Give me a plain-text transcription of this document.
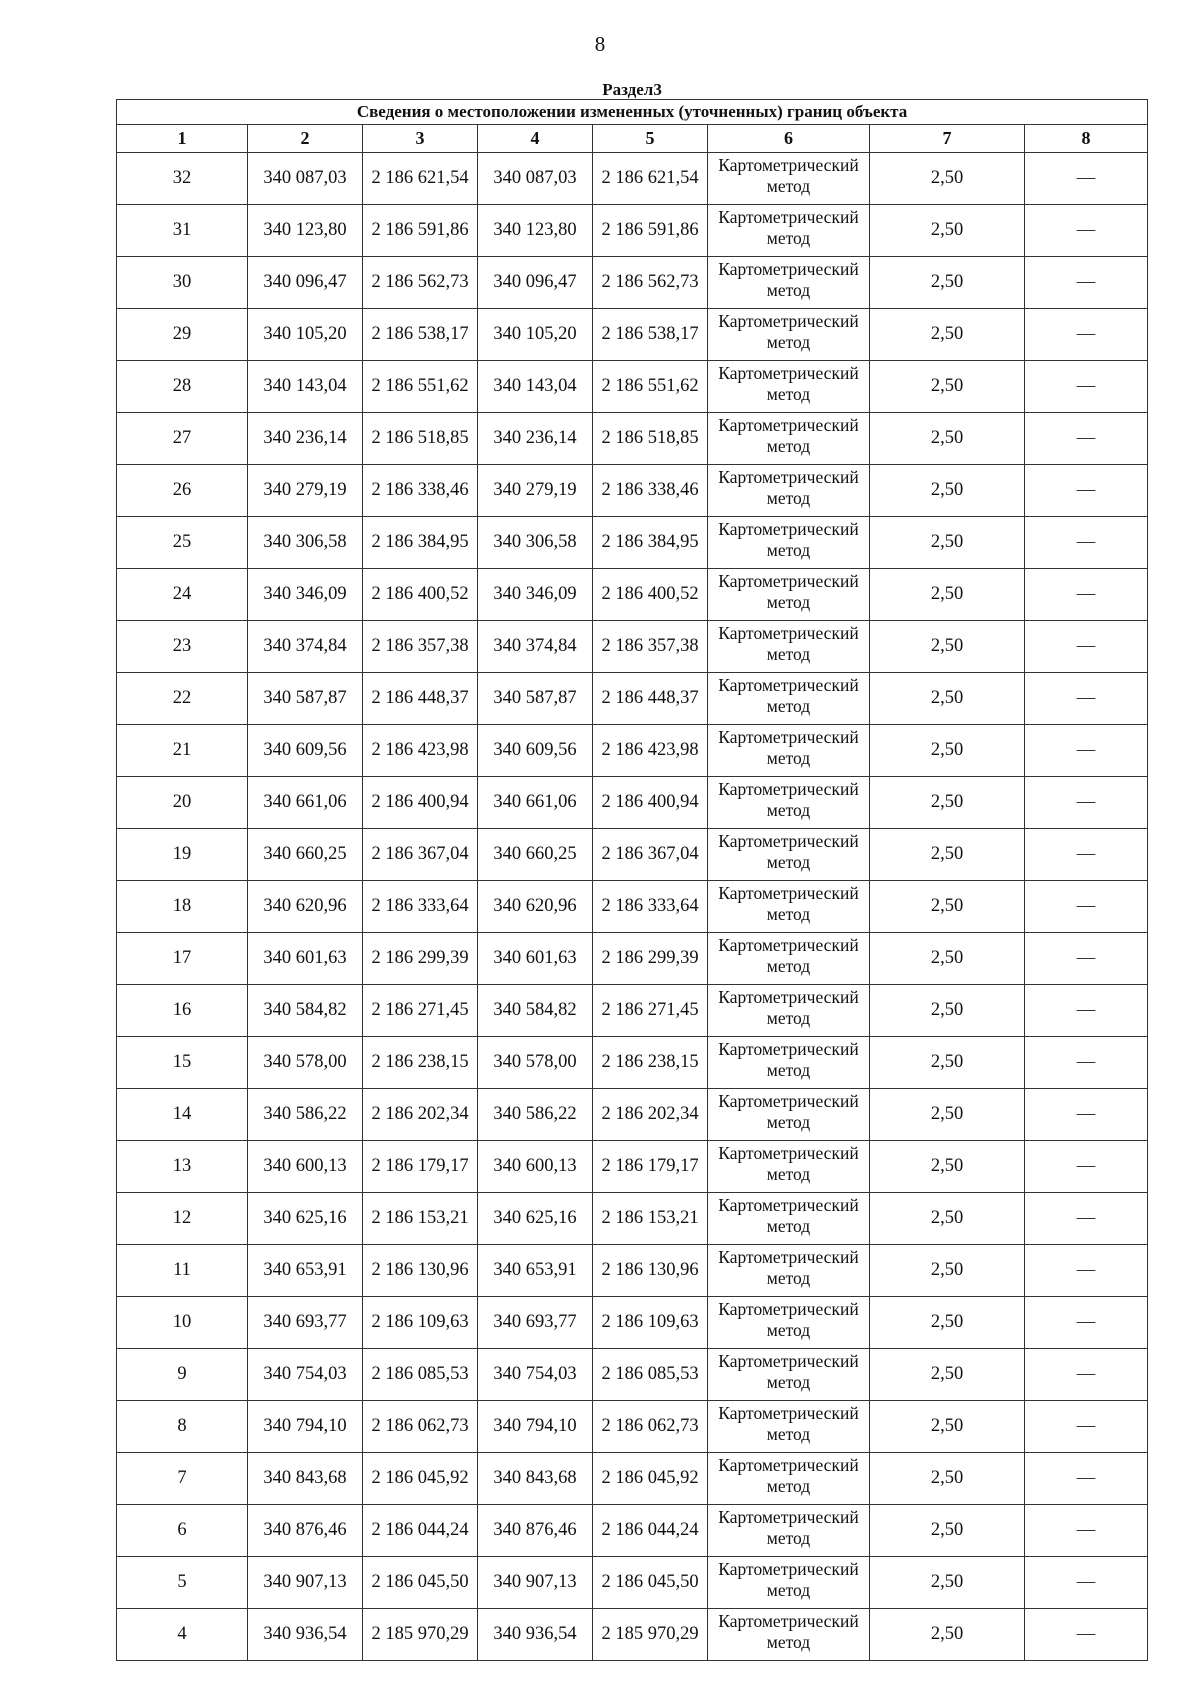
8
Раздел3							
Сведения о местоположении измененных (уточненных) границ объекта							
1	2	3	4	5	6	7	8
32	340 087,03	2 186 621,54	340 087,03	2 186 621,54	Картометрический метод	2,50	—
31	340 123,80	2 186 591,86	340 123,80	2 186 591,86	Картометрический метод	2,50	—
30	340 096,47	2 186 562,73	340 096,47	2 186 562,73	Картометрический метод	2,50	—
29	340 105,20	2 186 538,17	340 105,20	2 186 538,17	Картометрический метод	2,50	—
28	340 143,04	2 186 551,62	340 143,04	2 186 551,62	Картометрический метод	2,50	—
27	340 236,14	2 186 518,85	340 236,14	2 186 518,85	Картометрический метод	2,50	—
26	340 279,19	2 186 338,46	340 279,19	2 186 338,46	Картометрический метод	2,50	—
25	340 306,58	2 186 384,95	340 306,58	2 186 384,95	Картометрический метод	2,50	—
24	340 346,09	2 186 400,52	340 346,09	2 186 400,52	Картометрический метод	2,50	—
23	340 374,84	2 186 357,38	340 374,84	2 186 357,38	Картометрический метод	2,50	—
22	340 587,87	2 186 448,37	340 587,87	2 186 448,37	Картометрический метод	2,50	—
21	340 609,56	2 186 423,98	340 609,56	2 186 423,98	Картометрический метод	2,50	—
20	340 661,06	2 186 400,94	340 661,06	2 186 400,94	Картометрический метод	2,50	—
19	340 660,25	2 186 367,04	340 660,25	2 186 367,04	Картометрический метод	2,50	—
18	340 620,96	2 186 333,64	340 620,96	2 186 333,64	Картометрический метод	2,50	—
17	340 601,63	2 186 299,39	340 601,63	2 186 299,39	Картометрический метод	2,50	—
16	340 584,82	2 186 271,45	340 584,82	2 186 271,45	Картометрический метод	2,50	—
15	340 578,00	2 186 238,15	340 578,00	2 186 238,15	Картометрический метод	2,50	—
14	340 586,22	2 186 202,34	340 586,22	2 186 202,34	Картометрический метод	2,50	—
13	340 600,13	2 186 179,17	340 600,13	2 186 179,17	Картометрический метод	2,50	—
12	340 625,16	2 186 153,21	340 625,16	2 186 153,21	Картометрический метод	2,50	—
11	340 653,91	2 186 130,96	340 653,91	2 186 130,96	Картометрический метод	2,50	—
10	340 693,77	2 186 109,63	340 693,77	2 186 109,63	Картометрический метод	2,50	—
9	340 754,03	2 186 085,53	340 754,03	2 186 085,53	Картометрический метод	2,50	—
8	340 794,10	2 186 062,73	340 794,10	2 186 062,73	Картометрический метод	2,50	—
7	340 843,68	2 186 045,92	340 843,68	2 186 045,92	Картометрический метод	2,50	—
6	340 876,46	2 186 044,24	340 876,46	2 186 044,24	Картометрический метод	2,50	—
5	340 907,13	2 186 045,50	340 907,13	2 186 045,50	Картометрический метод	2,50	—
4	340 936,54	2 185 970,29	340 936,54	2 185 970,29	Картометрический метод	2,50	—
